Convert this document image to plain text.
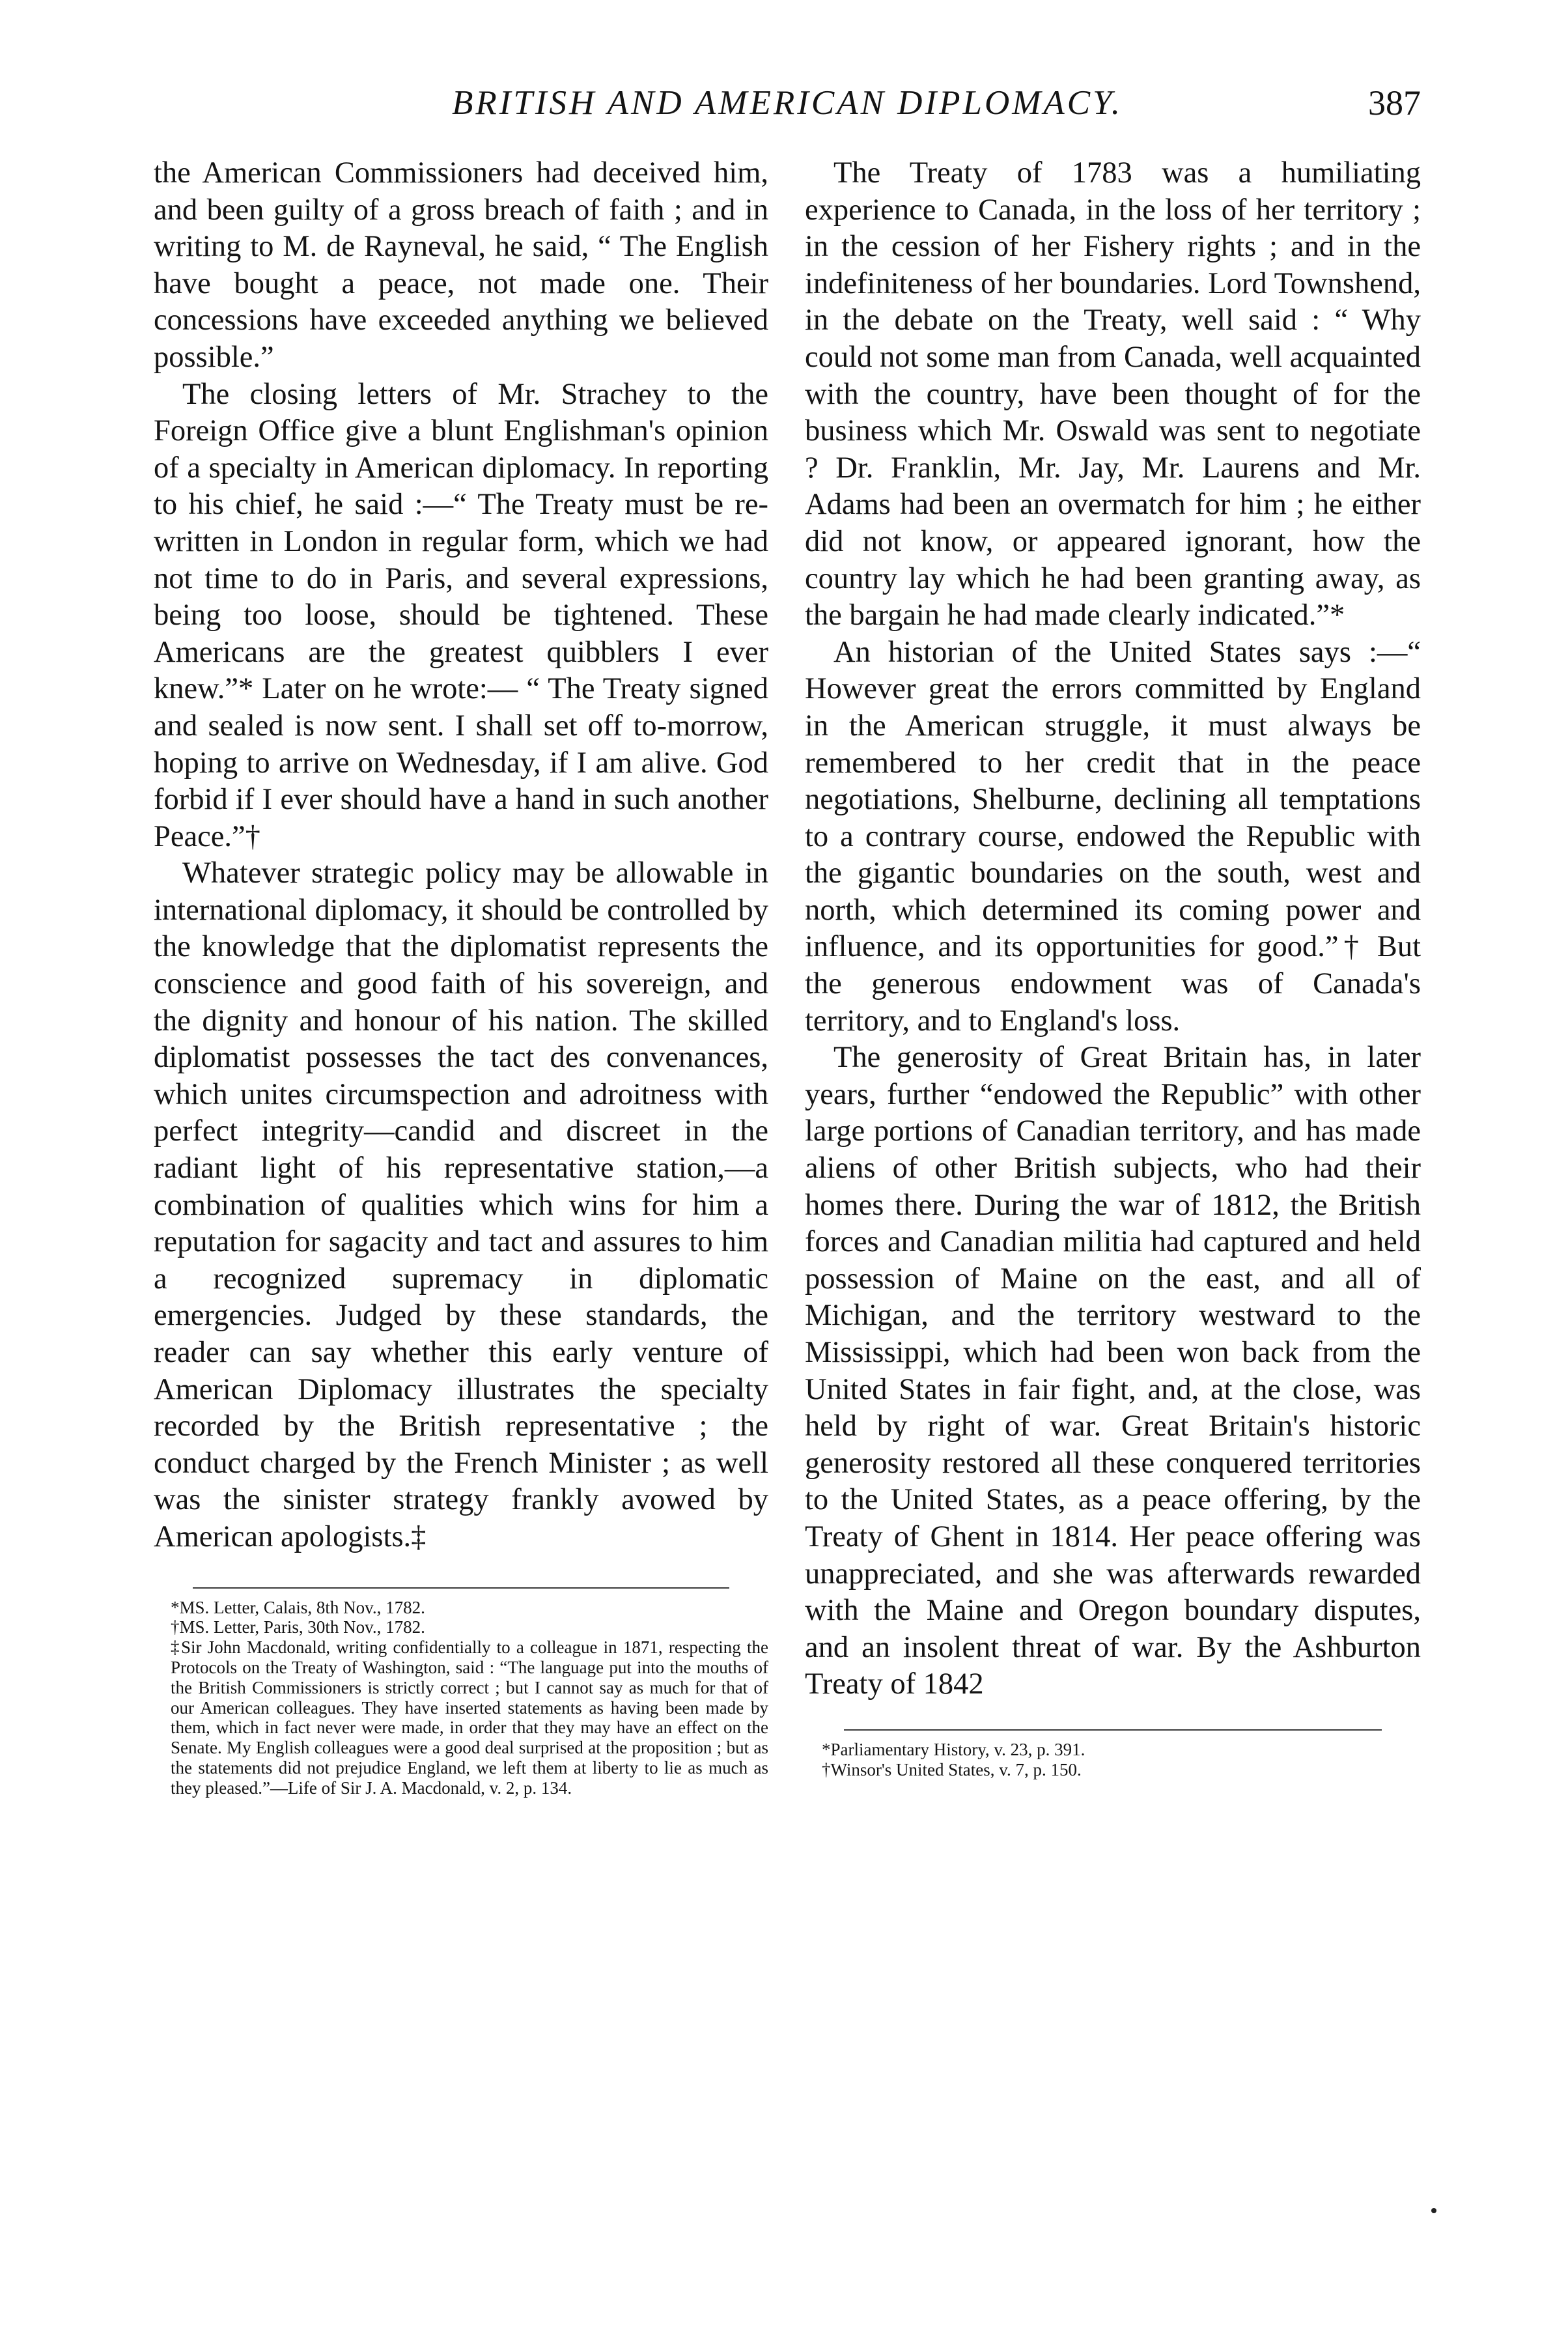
BRITISH AND AMERICAN DIPLOMACY.	387

the American Commissioners had deceived him, and been guilty of a gross breach of faith ; and in writing to M. de Rayneval, he said, “ The English have bought a peace, not made one. Their concessions have exceeded anything we believed possible.”

The closing letters of Mr. Strachey to the Foreign Office give a blunt Englishman's opinion of a specialty in American diplomacy. In reporting to his chief, he said :—“ The Treaty must be re-written in London in regular form, which we had not time to do in Paris, and several expressions, being too loose, should be tightened. These Americans are the greatest quibblers I ever knew.”* Later on he wrote:— “ The Treaty signed and sealed is now sent. I shall set off to-morrow, hoping to arrive on Wednesday, if I am alive. God forbid if I ever should have a hand in such another Peace.”†

Whatever strategic policy may be allowable in international diplomacy, it should be controlled by the knowledge that the diplomatist represents the conscience and good faith of his sovereign, and the dignity and honour of his nation. The skilled diplomatist possesses the tact des convenances, which unites circumspection and adroitness with perfect integrity—candid and discreet in the radiant light of his representative station,—a combination of qualities which wins for him a reputation for sagacity and tact and assures to him a recognized supremacy in diplomatic emergencies. Judged by these standards, the reader can say whether this early venture of American Diplomacy illustrates the specialty recorded by the British representative ; the conduct charged by the French Minister ; as well was the sinister strategy frankly avowed by American apologists.‡

*MS. Letter, Calais, 8th Nov., 1782.

†MS. Letter, Paris, 30th Nov., 1782.

‡Sir John Macdonald, writing confidentially to a colleague in 1871, respecting the Protocols on the Treaty of Washington, said : “The language put into the mouths of the British Commissioners is strictly correct ; but I cannot say as much for that of our American colleagues. They have inserted statements as having been made by them, which in fact never were made, in order that they may have an effect on the Senate. My English colleagues were a good deal surprised at the proposition ; but as the statements did not prejudice England, we left them at liberty to lie as much as they pleased.”—Life of Sir J. A. Macdonald, v. 2, p. 134.

The Treaty of 1783 was a humiliating experience to Canada, in the loss of her territory ; in the cession of her Fishery rights ; and in the indefiniteness of her boundaries. Lord Townshend, in the debate on the Treaty, well said : “ Why could not some man from Canada, well acquainted with the country, have been thought of for the business which Mr. Oswald was sent to negotiate ? Dr. Franklin, Mr. Jay, Mr. Laurens and Mr. Adams had been an overmatch for him ; he either did not know, or appeared ignorant, how the country lay which he had been granting away, as the bargain he had made clearly indicated.”*

An historian of the United States says :—“ However great the errors committed by England in the American struggle, it must always be remembered to her credit that in the peace negotiations, Shelburne, declining all temptations to a contrary course, endowed the Republic with the gigantic boundaries on the south, west and north, which determined its coming power and influence, and its opportunities for good.”† But the generous endowment was of Canada's territory, and to England's loss.

The generosity of Great Britain has, in later years, further “endowed the Republic” with other large portions of Canadian territory, and has made aliens of other British subjects, who had their homes there. During the war of 1812, the British forces and Canadian militia had captured and held possession of Maine on the east, and all of Michigan, and the territory westward to the Mississippi, which had been won back from the United States in fair fight, and, at the close, was held by right of war. Great Britain's historic generosity restored all these conquered territories to the United States, as a peace offering, by the Treaty of Ghent in 1814. Her peace offering was unappreciated, and she was afterwards rewarded with the Maine and Oregon boundary disputes, and an insolent threat of war. By the Ashburton Treaty of 1842

*Parliamentary History, v. 23, p. 391.

†Winsor's United States, v. 7, p. 150.
